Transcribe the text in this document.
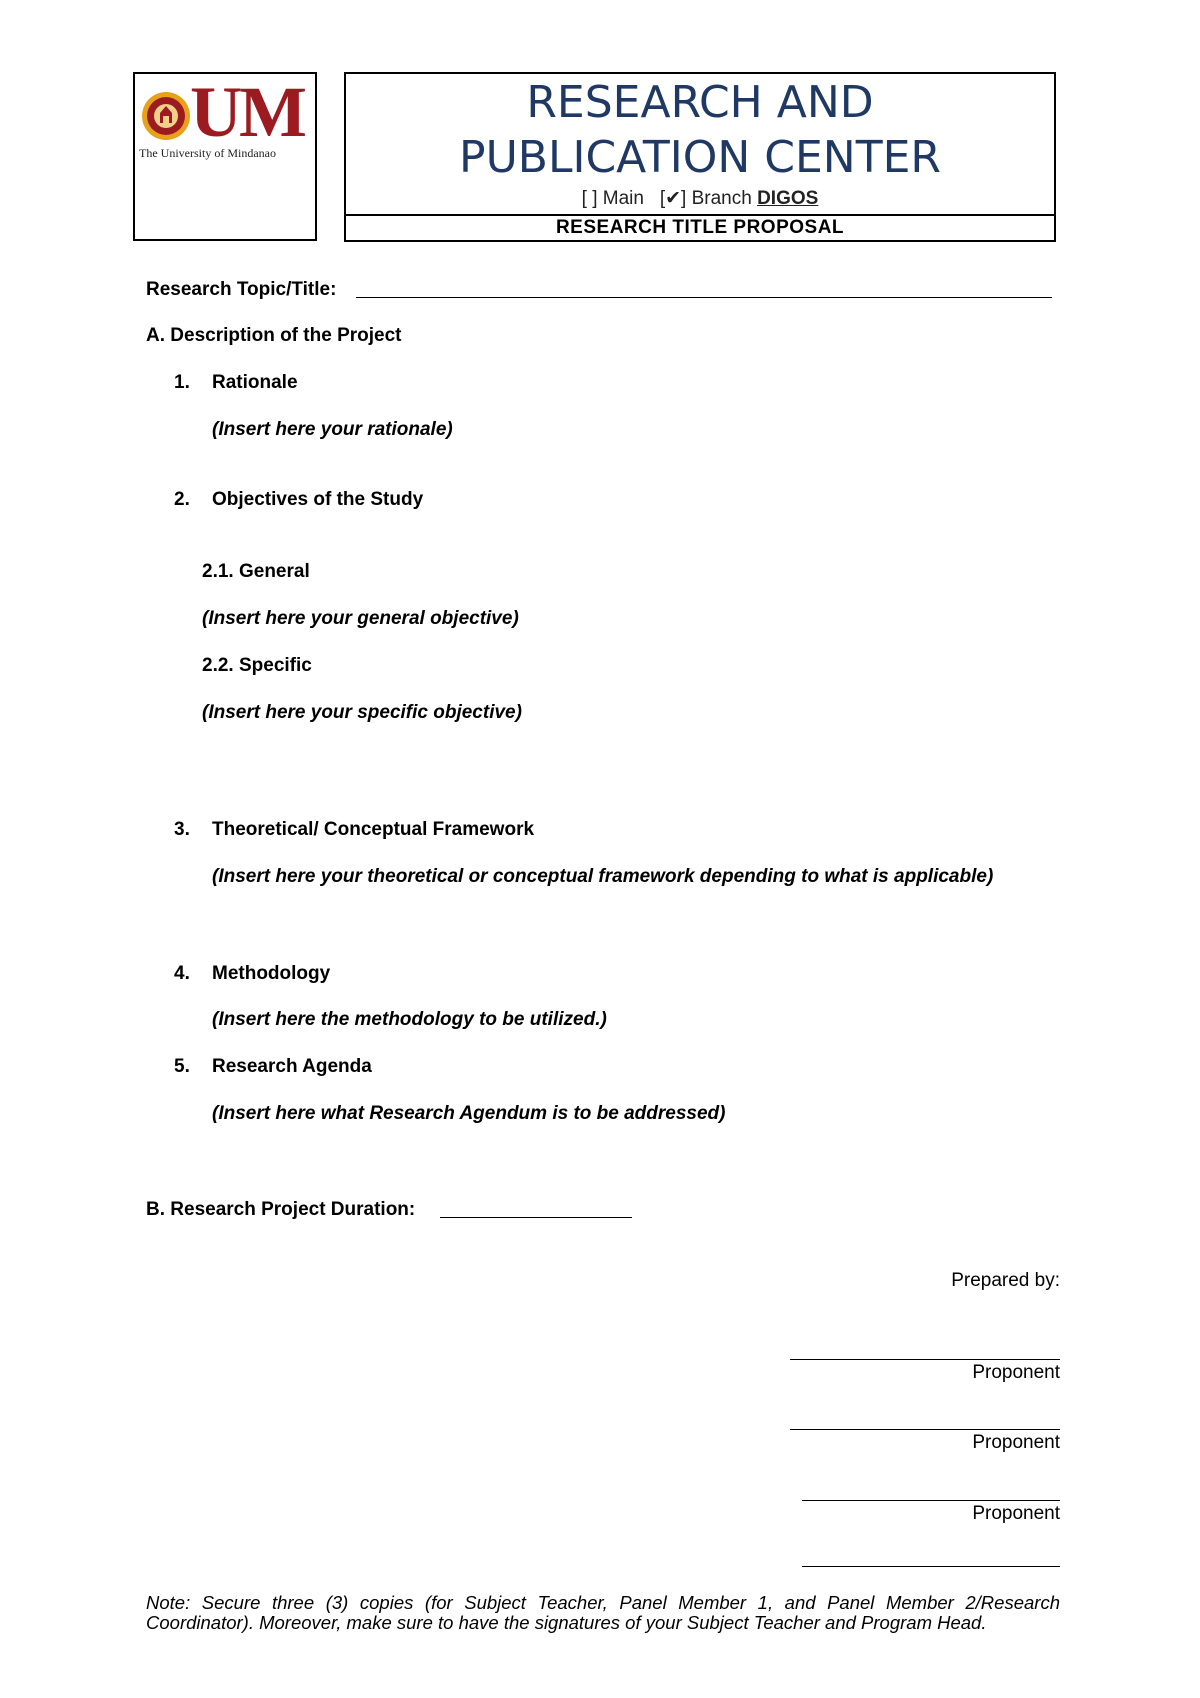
UM
The University of Mindanao
RESEARCH AND
PUBLICATION CENTER
[ ] Main [✔] Branch DIGOS
RESEARCH TITLE PROPOSAL
Research Topic/Title:
A. Description of the Project
1. Rationale
(Insert here your rationale)
2. Objectives of the Study
2.1. General
(Insert here your general objective)
2.2. Specific
(Insert here your specific objective)
3. Theoretical/ Conceptual Framework
(Insert here your theoretical or conceptual framework depending to what is applicable)
4. Methodology
(Insert here the methodology to be utilized.)
5. Research Agenda
(Insert here what Research Agendum is to be addressed)
B. Research Project Duration:
Prepared by:
Proponent
Proponent
Proponent
Note: Secure three (3) copies (for Subject Teacher, Panel Member 1, and Panel Member 2/Research Coordinator). Moreover, make sure to have the signatures of your Subject Teacher and Program Head.
